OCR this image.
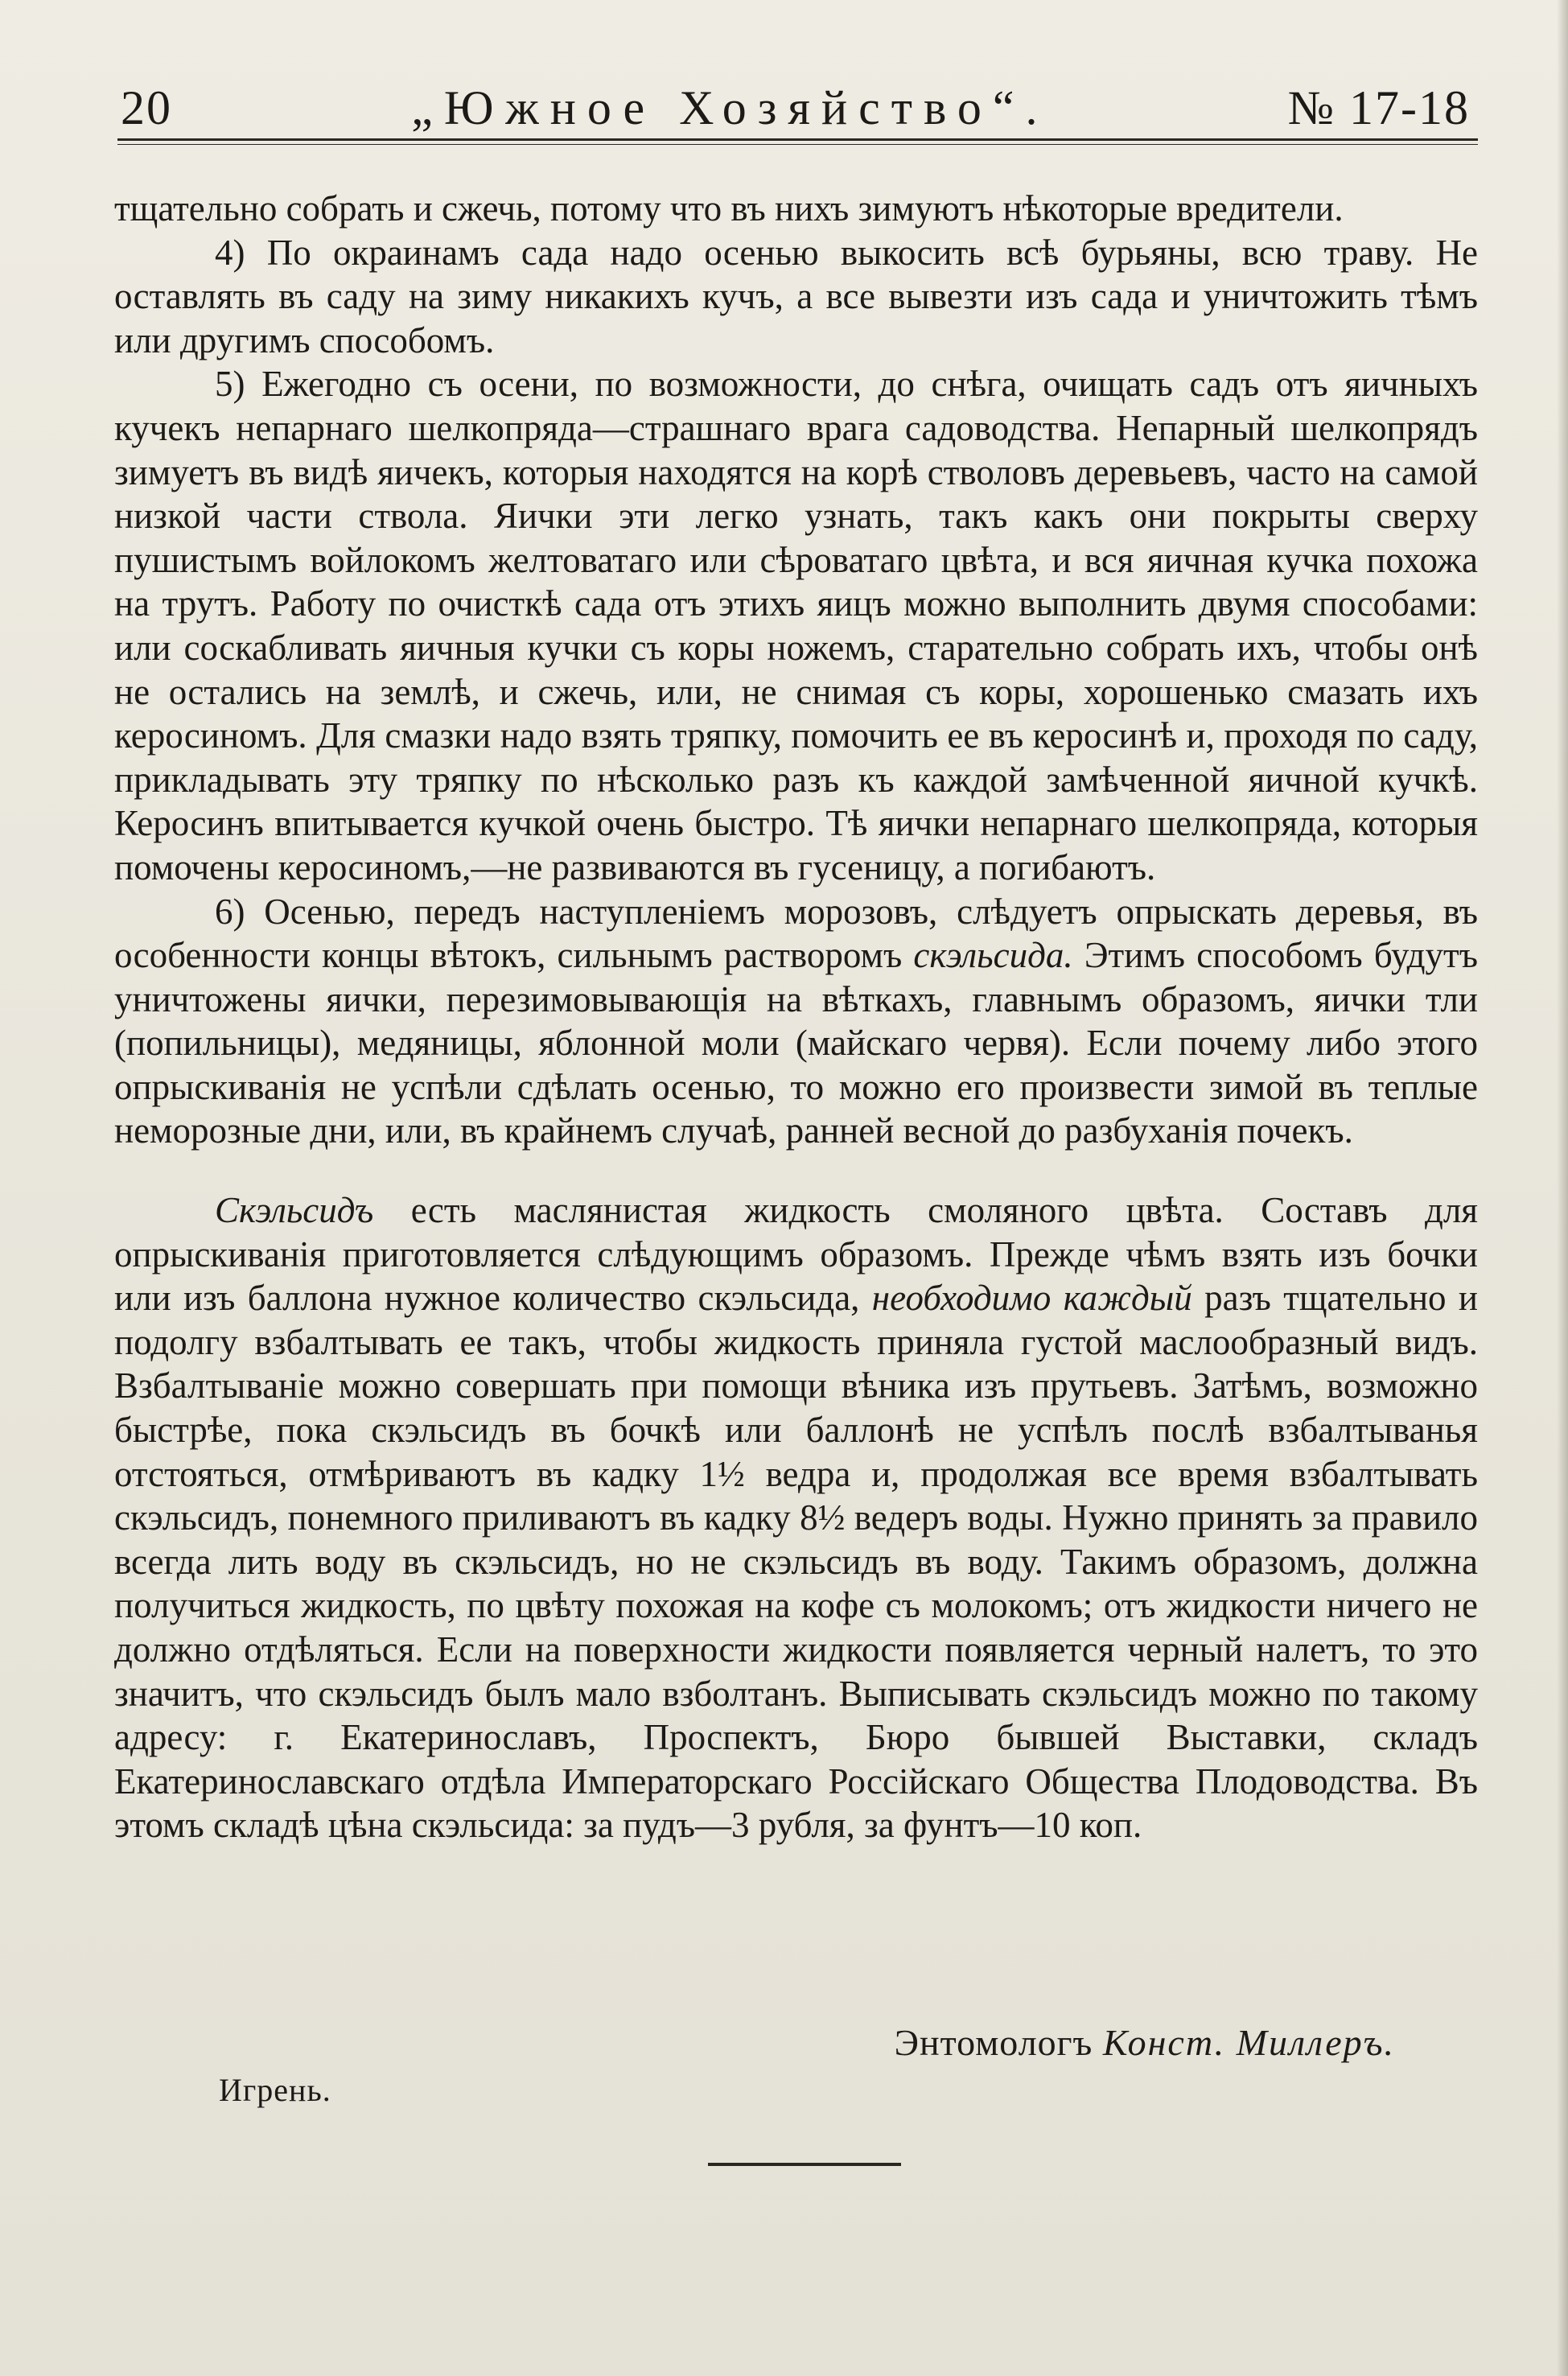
20	„Южное Хозяйство“.	№ 17-18

тщательно собрать и сжечь, потому что въ нихъ зимуютъ нѣкоторые вредители.

4) По окраинамъ сада надо осенью выкосить всѣ бурьяны, всю траву. Не оставлять въ саду на зиму никакихъ кучъ, а все вывезти изъ сада и уничтожить тѣмъ или другимъ способомъ.

5) Ежегодно съ осени, по возможности, до снѣга, очищать садъ отъ яичныхъ кучекъ непарнаго шелкопряда—страшнаго врага садоводства. Непарный шелкопрядъ зимуетъ въ видѣ яичекъ, которыя находятся на корѣ стволовъ деревьевъ, часто на самой низкой части ствола. Яички эти легко узнать, такъ какъ они покрыты сверху пушистымъ войлокомъ желтоватаго или сѣроватаго цвѣта, и вся яичная кучка похожа на трутъ. Работу по очисткѣ сада отъ этихъ яицъ можно выполнить двумя способами: или соскабливать яичныя кучки съ коры ножемъ, старательно собрать ихъ, чтобы онѣ не остались на землѣ, и сжечь, или, не снимая съ коры, хорошенько смазать ихъ керосиномъ. Для смазки надо взять тряпку, помочить ее въ керосинѣ и, проходя по саду, прикладывать эту тряпку по нѣсколько разъ къ каждой замѣченной яичной кучкѣ. Керосинъ впитывается кучкой очень быстро. Тѣ яички непарнаго шелкопряда, которыя помочены керосиномъ,—не развиваются въ гусеницу, а погибаютъ.

6) Осенью, передъ наступленіемъ морозовъ, слѣдуетъ опрыскать деревья, въ особенности концы вѣтокъ, сильнымъ растворомъ скэльсида. Этимъ способомъ будутъ уничтожены яички, перезимовывающія на вѣткахъ, главнымъ образомъ, яички тли (попильницы), медяницы, яблонной моли (майскаго червя). Если почему либо этого опрыскиванія не успѣли сдѣлать осенью, то можно его произвести зимой въ теплые неморозные дни, или, въ крайнемъ случаѣ, ранней весной до разбуханія почекъ.

Скэльсидъ есть маслянистая жидкость смоляного цвѣта. Составъ для опрыскиванія приготовляется слѣдующимъ образомъ. Прежде чѣмъ взять изъ бочки или изъ баллона нужное количество скэльсида, необходимо каждый разъ тщательно и подолгу взбалтывать ее такъ, чтобы жидкость приняла густой маслообразный видъ. Взбалтываніе можно совершать при помощи вѣника изъ прутьевъ. Затѣмъ, возможно быстрѣе, пока скэльсидъ въ бочкѣ или баллонѣ не успѣлъ послѣ взбалтыванья отстояться, отмѣриваютъ въ кадку 1½ ведра и, продолжая все время взбалтывать скэльсидъ, понемного приливаютъ въ кадку 8½ ведеръ воды. Нужно принять за правило всегда лить воду въ скэльсидъ, но не скэльсидъ въ воду. Такимъ образомъ, должна получиться жидкость, по цвѣту похожая на кофе съ молокомъ; отъ жидкости ничего не должно отдѣляться. Если на поверхности жидкости появляется черный налетъ, то это значитъ, что скэльсидъ былъ мало взболтанъ. Выписывать скэльсидъ можно по такому адресу: г. Екатеринославъ, Проспектъ, Бюро бывшей Выставки, складъ Екатеринославскаго отдѣла Императорскаго Россійскаго Общества Плодоводства. Въ этомъ складѣ цѣна скэльсида: за пудъ—3 рубля, за фунтъ—10 коп.

Энтомологъ Конст. Миллеръ.
Игрень.
